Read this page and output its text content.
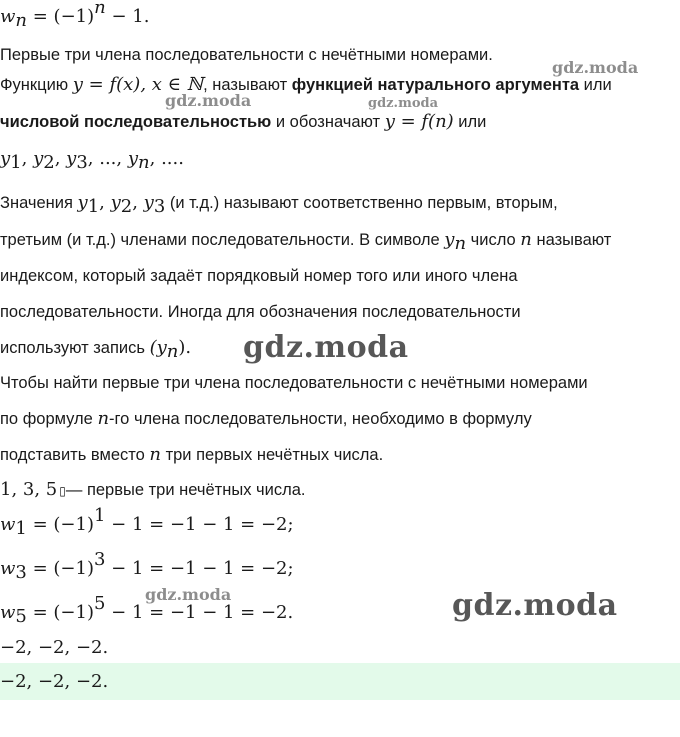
$w_n = (-1)^n - 1$.
Первые три члена последовательности с нечётными номерами.
Функцию y = f(x), x ∈ ℕ, называют функцией натурального аргумента или
числовой последовательностью и обозначают y = f(n) или
$y_1$, $y_2$, $y_3$, ..., $y_n$, ....
Значения $y_1$, $y_2$, $y_3$ (и т.д.) называют соответственно первым, вторым,
третьим (и т.д.) членами последовательности. В символе $y_n$ число n называют
индексом, который задаёт порядковый номер того или иного члена
последовательности. Иногда для обозначения последовательности
используют запись $(y_n)$.
Чтобы найти первые три члена последовательности с нечётными номерами
по формуле n-го члена последовательности, необходимо в формулу
подставить вместо n три первых нечётных числа.
1, 3, 5 ▯— первые три нечётных числа.
$w_1 = (-1)^1 - 1 = -1 - 1 = -2$;
$w_3 = (-1)^3 - 1 = -1 - 1 = -2$;
$w_5 = (-1)^5 - 1 = -1 - 1 = -2$.
−2, −2, −2.
−2, −2, −2.
gdz.moda
gdz.moda	gdz.moda
gdz.moda
gdz.moda	gdz.moda
